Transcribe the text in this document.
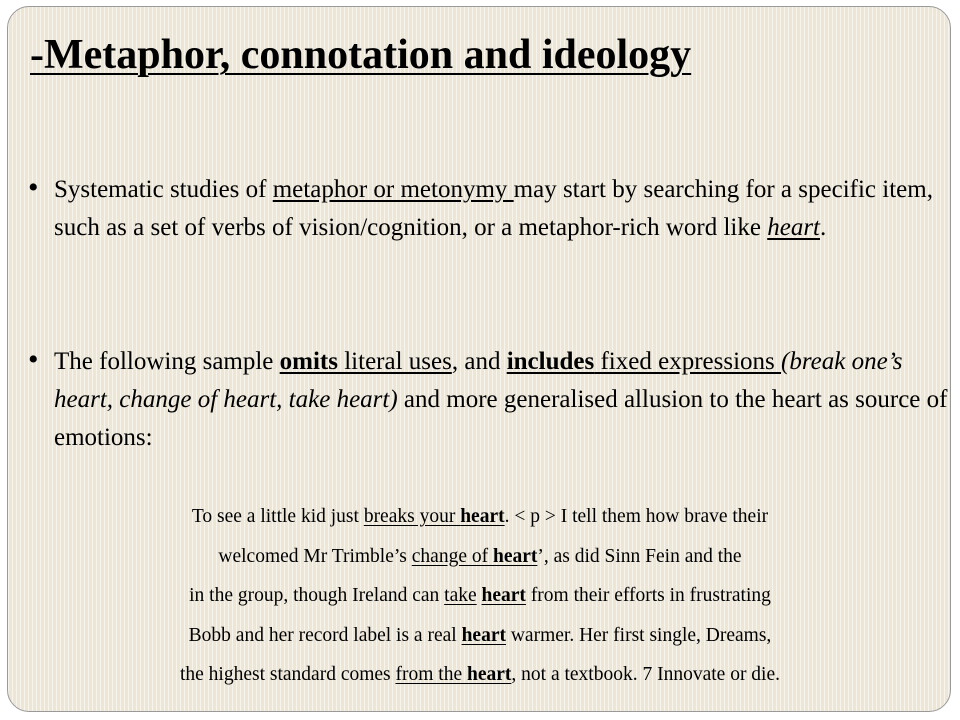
-Metaphor, connotation and ideology
• Systematic studies of metaphor or metonymy may start by searching for a specific item, such as a set of verbs of vision/cognition, or a metaphor-rich word like heart.
• The following sample omits literal uses, and includes fixed expressions (break one’s heart, change of heart, take heart) and more generalised allusion to the heart as source of emotions:
To see a little kid just breaks your heart. < p > I tell them how brave their
welcomed Mr Trimble’s change of heart’, as did Sinn Fein and the
in the group, though Ireland can take heart from their efforts in frustrating
Bobb and her record label is a real heart warmer. Her first single, Dreams,
the highest standard comes from the heart, not a textbook. 7 Innovate or die.
